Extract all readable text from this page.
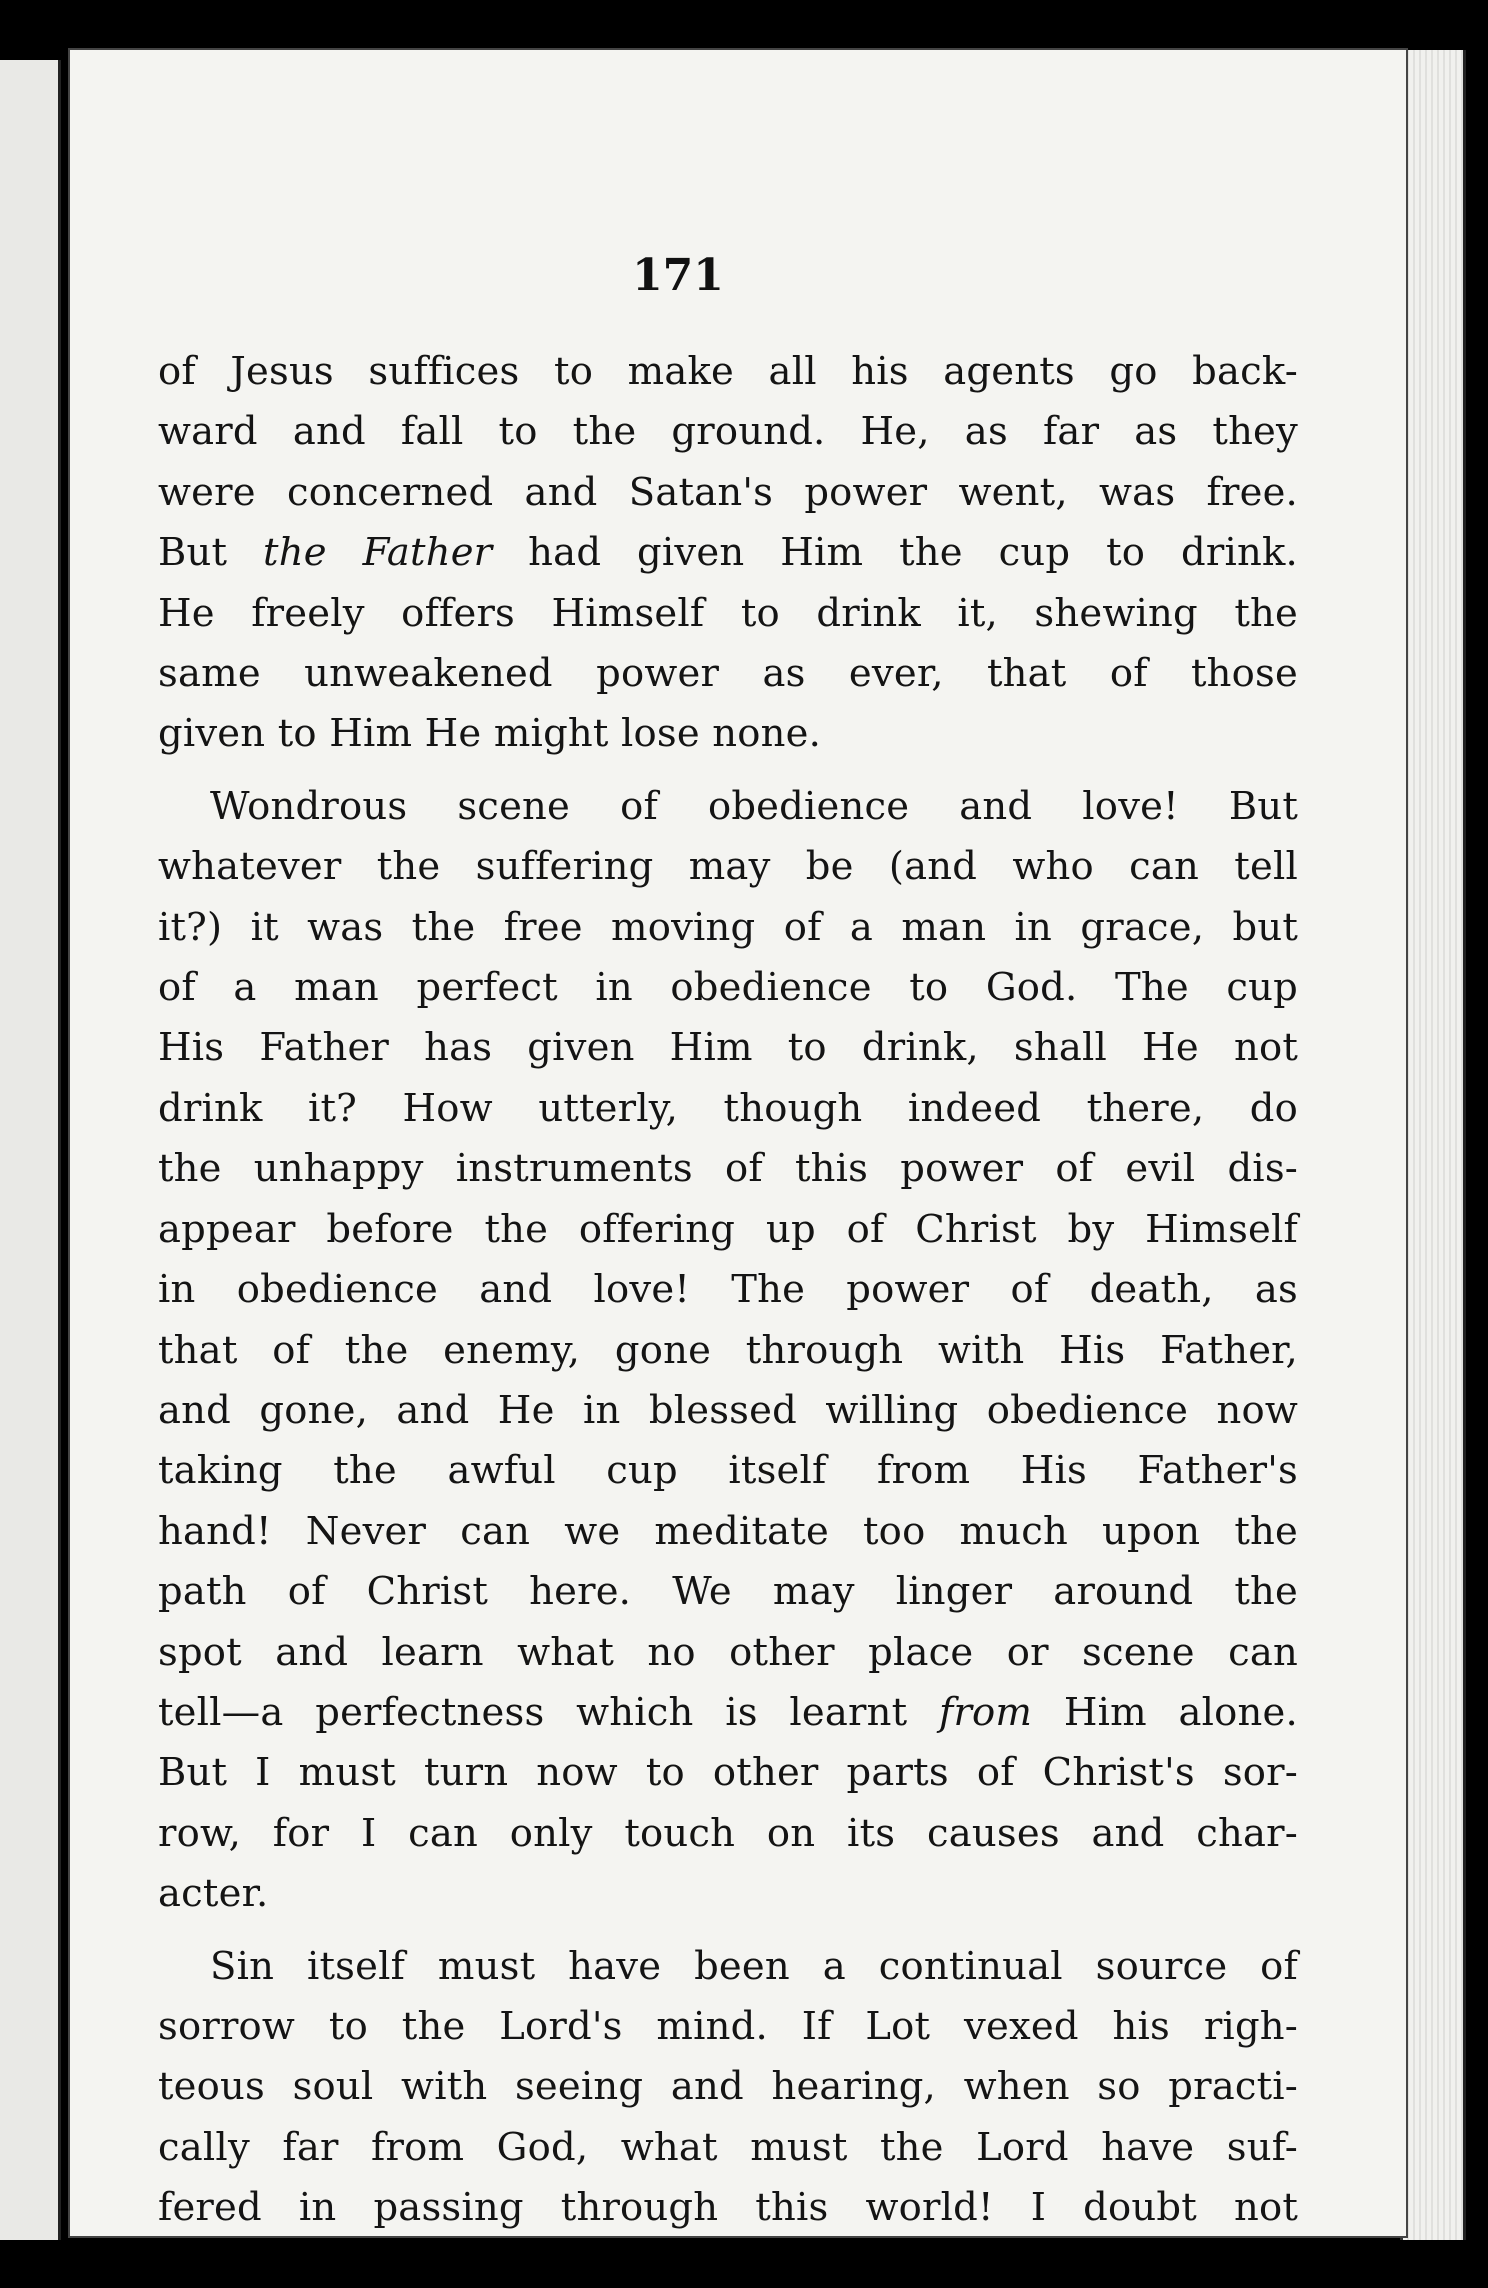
171
of Jesus suffices to make all his agents go back-
ward and fall to the ground. He, as far as they
were concerned and Satan's power went, was free.
But the Father had given Him the cup to drink.
He freely offers Himself to drink it, shewing the
same unweakened power as ever, that of those
given to Him He might lose none.
Wondrous scene of obedience and love! But
whatever the suffering may be (and who can tell
it?) it was the free moving of a man in grace, but
of a man perfect in obedience to God. The cup
His Father has given Him to drink, shall He not
drink it? How utterly, though indeed there, do
the unhappy instruments of this power of evil dis-
appear before the offering up of Christ by Himself
in obedience and love! The power of death, as
that of the enemy, gone through with His Father,
and gone, and He in blessed willing obedience now
taking the awful cup itself from His Father's
hand! Never can we meditate too much upon the
path of Christ here. We may linger around the
spot and learn what no other place or scene can
tell—a perfectness which is learnt from Him alone.
But I must turn now to other parts of Christ's sor-
row, for I can only touch on its causes and char-
acter.
Sin itself must have been a continual source of
sorrow to the Lord's mind. If Lot vexed his righ-
teous soul with seeing and hearing, when so practi-
cally far from God, what must the Lord have suf-
fered in passing through this world! I doubt not
